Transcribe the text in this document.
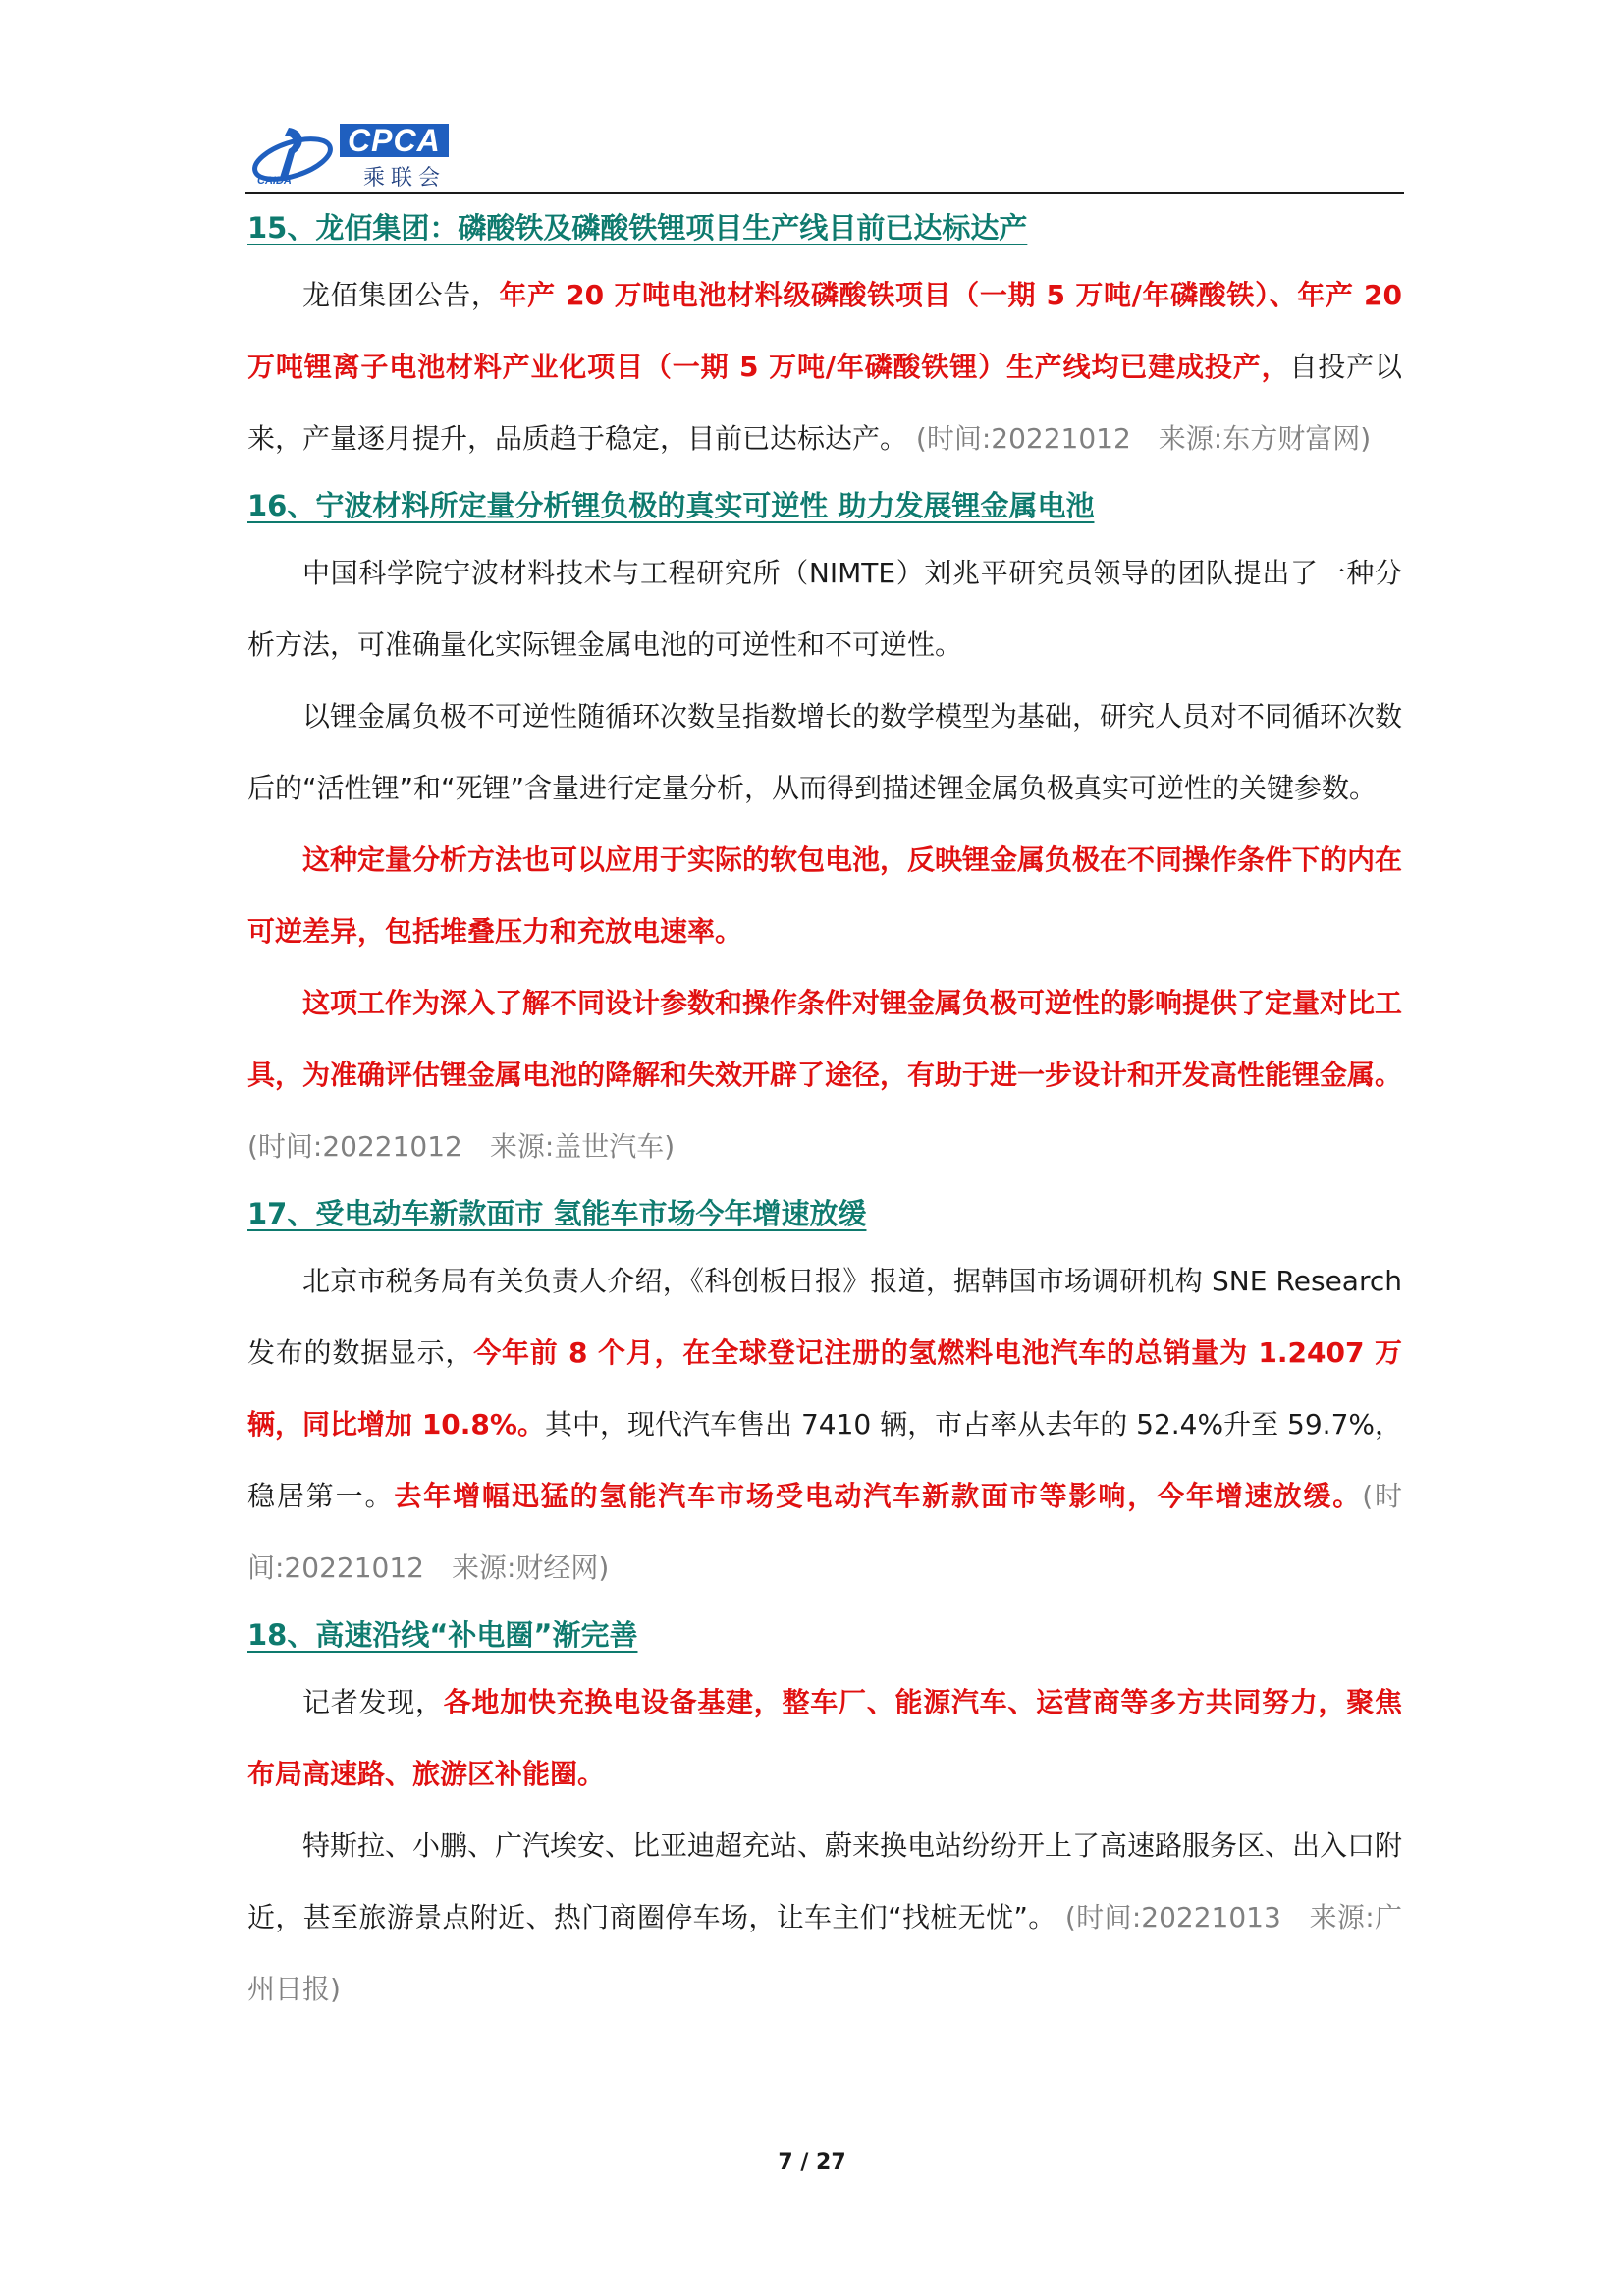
CPCA
乘联会
CAIDA
15、龙佰集团：磷酸铁及磷酸铁锂项目生产线目前已达标达产

龙佰集团公告，年产 20 万吨电池材料级磷酸铁项目（一期 5 万吨/年磷酸铁）、年产 20 万吨锂离子电池材料产业化项目（一期 5 万吨/年磷酸铁锂）生产线均已建成投产，自投产以来，产量逐月提升，品质趋于稳定，目前已达标达产。 (时间:20221012　来源:东方财富网)

16、宁波材料所定量分析锂负极的真实可逆性 助力发展锂金属电池

中国科学院宁波材料技术与工程研究所（NIMTE）刘兆平研究员领导的团队提出了一种分析方法，可准确量化实际锂金属电池的可逆性和不可逆性。

以锂金属负极不可逆性随循环次数呈指数增长的数学模型为基础，研究人员对不同循环次数后的“活性锂”和“死锂”含量进行定量分析，从而得到描述锂金属负极真实可逆性的关键参数。

这种定量分析方法也可以应用于实际的软包电池，反映锂金属负极在不同操作条件下的内在可逆差异，包括堆叠压力和充放电速率。

这项工作为深入了解不同设计参数和操作条件对锂金属负极可逆性的影响提供了定量对比工具，为准确评估锂金属电池的降解和失效开辟了途径，有助于进一步设计和开发高性能锂金属。(时间:20221012　来源:盖世汽车)

17、受电动车新款面市 氢能车市场今年增速放缓

北京市税务局有关负责人介绍，《科创板日报》报道，据韩国市场调研机构 SNE Research 发布的数据显示，今年前 8 个月，在全球登记注册的氢燃料电池汽车的总销量为 1.2407 万辆，同比增加 10.8%。其中，现代汽车售出 7410 辆，市占率从去年的 52.4%升至 59.7%，稳居第一。去年增幅迅猛的氢能汽车市场受电动汽车新款面市等影响，今年增速放缓。(时间:20221012　来源:财经网)

18、高速沿线“补电圈”渐完善

记者发现，各地加快充换电设备基建，整车厂、能源汽车、运营商等多方共同努力，聚焦布局高速路、旅游区补能圈。

特斯拉、小鹏、广汽埃安、比亚迪超充站、蔚来换电站纷纷开上了高速路服务区、出入口附近，甚至旅游景点附近、热门商圈停车场，让车主们“找桩无忧”。 (时间:20221013　来源:广州日报)

7 / 27
